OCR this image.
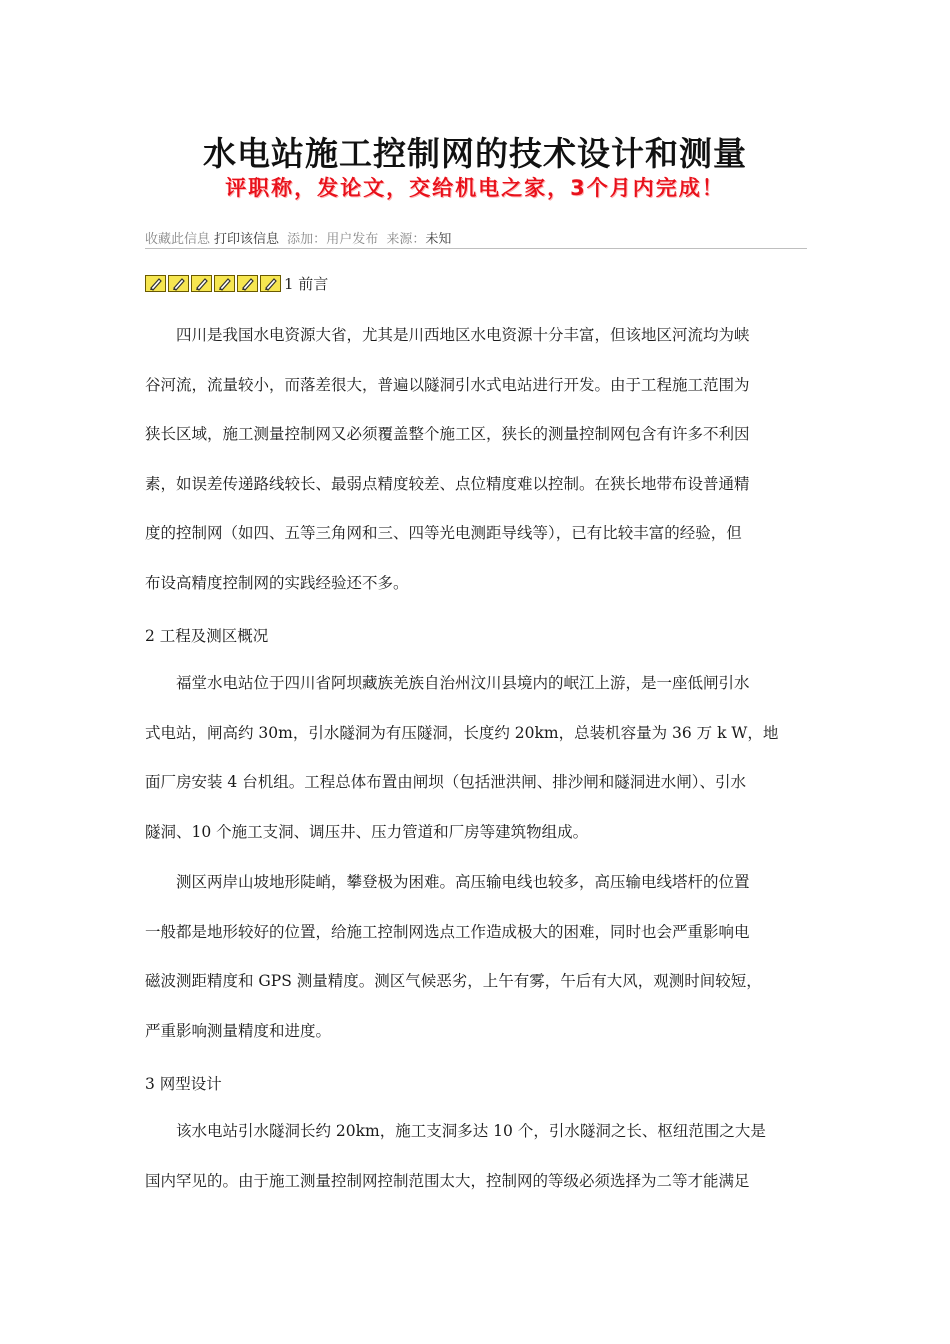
水电站施工控制网的技术设计和测量
评职称，发论文，交给机电之家，3个月内完成！
收藏此信息 打印该信息 添加：用户发布 来源：未知
1 前言
　　四川是我国水电资源大省，尤其是川西地区水电资源十分丰富，但该地区河流均为峡
谷河流，流量较小，而落差很大，普遍以隧洞引水式电站进行开发。由于工程施工范围为
狭长区域，施工测量控制网又必须覆盖整个施工区，狭长的测量控制网包含有许多不利因
素，如误差传递路线较长、最弱点精度较差、点位精度难以控制。在狭长地带布设普通精
度的控制网（如四、五等三角网和三、四等光电测距导线等），已有比较丰富的经验，但
布设高精度控制网的实践经验还不多。
2 工程及测区概况
　　福堂水电站位于四川省阿坝藏族羌族自治州汶川县境内的岷江上游，是一座低闸引水
式电站，闸高约 30m，引水隧洞为有压隧洞，长度约 20km，总装机容量为 36 万 k W，地
面厂房安装 4 台机组。工程总体布置由闸坝（包括泄洪闸、排沙闸和隧洞进水闸）、引水
隧洞、10 个施工支洞、调压井、压力管道和厂房等建筑物组成。
　　测区两岸山坡地形陡峭，攀登极为困难。高压输电线也较多，高压输电线塔杆的位置
一般都是地形较好的位置，给施工控制网选点工作造成极大的困难，同时也会严重影响电
磁波测距精度和 GPS 测量精度。测区气候恶劣，上午有雾，午后有大风，观测时间较短，
严重影响测量精度和进度。
3 网型设计
　　该水电站引水隧洞长约 20km，施工支洞多达 10 个，引水隧洞之长、枢纽范围之大是
国内罕见的。由于施工测量控制网控制范围太大，控制网的等级必须选择为二等才能满足
